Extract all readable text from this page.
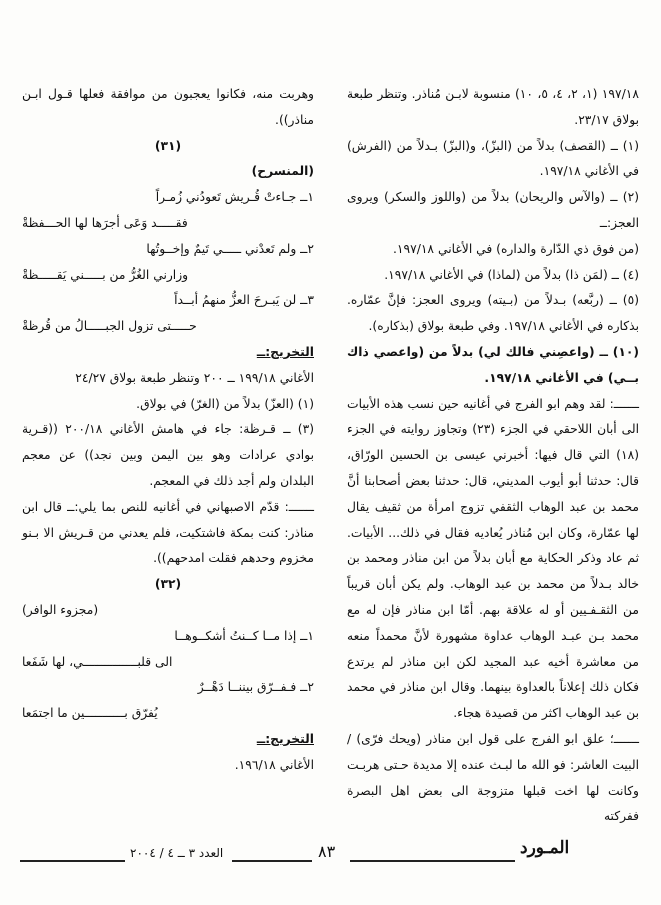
١٩٧/١٨ (١، ٢، ٤، ٥، ١٠) منسوبة لابـن مُناذر. وتنظر طبعة بولاق ٢٣/١٧.

(١) ــ (القصف) بدلاً من (البزّ)، و(البزّ) بـدلاً من (الفرش) في الأغاني ١٩٧/١٨.

(٢) ــ (والآس والريحان) بدلاً من (واللوز والسكر) ويروى العجز:ــ

(من فوق ذي الدّارة والداره) في الأغاني ١٩٧/١٨.

(٤) ــ (لمَن ذا) بدلاً من (لماذا) في الأغاني ١٩٧/١٨.

(٥) ــ (ربَّعه) بـدلاً من (بـيته) ويروى العجز: فإنَّ عمّاره. بذكاره في الأغاني ١٩٧/١٨. وفي طبعة بولاق (بذكاره).

(١٠) ــ (واعصِني فالك لي) بدلاً من (واعصي ذاك بــي) في الأغاني ١٩٧/١٨.

ـــــــ: لقد وهم ابو الفرج في أغانيه حين نسب هذه الأبيات الى أبان اللاحقي في الجزء (٢٣) وتجاوز روايته في الجزء (١٨) التي قال فيها: أخبرني عيسى بن الحسين الورّاق، قال: حدثنا أبو أيوب المديني، قال: حدثنا بعض أصحابنا أنَّ محمد بن عبد الوهاب الثقفي تزوج امرأة من ثقيف يقال لها عمّارة، وكان ابن مُناذر يُعاديه فقال في ذلك... الأبيات. ثم عاد وذكر الحكاية مع أبان بدلاً من ابن مناذر ومحمد بن خالد بـدلاً من محمد بن عبد الوهاب. ولم يكن أبان قريباً من الثقـفـيين أو له علاقة بهم. أمّا ابن مناذر فإن له مع محمد بـن عبـد الوهاب عداوة مشهورة لأنَّ محمداً منعه من معاشرة أخيه عبد المجيد لكن ابن مناذر لم يرتدع فكان ذلك إعلاناً بالعداوة بينهما. وقال ابن مناذر في محمد بن عبد الوهاب اكثر من قصيدة هجاء.

ـــــــ؛ علق ابو الفرج على قول ابن مناذر (ويحك فرّى) / البيت العاشر: فو الله ما لبـث عنده إلا مديدة حـتى هربـت وكانت لها اخت قبلها متزوجة الى بعض اهل البصرة ففركته

وهربت منه، فكانوا يعجبون من موافقة فعلها قـول ابـن مناذر)).

(٣١)

(المنسرح)

١ــ جـاءتْ قُـريش تَعودُني زُمـراً
فقـــــد وَعَى أجرَها لها الحـــفظةْ
٢ــ ولم تَعدْني ـــــي تَيمٌ وإخــوتُها
وزارني الغُرُّ من بـــــني يَقـــــظةْ
٣ــ لن يَبـرحَ العزُّ منهمُ أبــداً
حـــــتى تزول الجبـــــالُ من قُرظةْ

التخريج:ــ

الأغاني ١٩٩/١٨ ــ ٢٠٠ وتنظر طبعة بولاق ٢٤/٢٧

(١) (العزّ) بدلاً من (الغرّ) في بولاق.

(٣) ــ قـرظة: جاء في هامش الأغاني ٢٠٠/١٨ ((قـرية بوادي عرادات وهو بين اليمن وبين نجد)) عن معجم البلدان ولم أجد ذلك في المعجم.

ـــــــ: قدّم الاصبهاني في أغانيه للنص بما يلي:ــ قال ابن مناذر: كنت بمكة فاشتكيت، فلم يعدني من قـريش الا بـنو مخزوم وحدهم فقلت امدحهم)).

(٣٢)

(مجزوء الوافر)

١ــ إذا مــا كــنتُ أشكــوهــا
الى قلبـــــــــــــــي، لها شَفَعا
٢ــ فـفــرّق بيننــا دَهْــرٌ
يُفرّق بـــــــــــين ما اجتمَعا

التخريج:ــ

الأغاني ١٩٦/١٨.

العدد ٣ ــ ٤ / ٢٠٠٤	٨٣	المـورد
